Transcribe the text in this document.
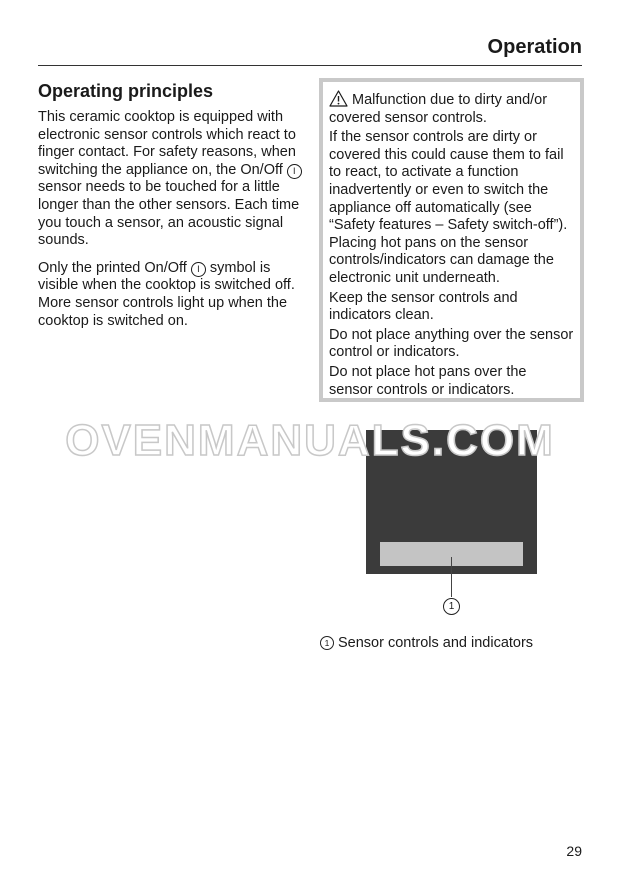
Operation
Operating principles

This ceramic cooktop is equipped with electronic sensor controls which react to finger contact. For safety reasons, when switching the appliance on, the On/Off I sensor needs to be touched for a little longer than the other sensors. Each time you touch a sensor, an acoustic signal sounds.

Only the printed On/Off I symbol is visible when the cooktop is switched off. More sensor controls light up when the cooktop is switched on.

Malfunction due to dirty and/or covered sensor controls.

If the sensor controls are dirty or covered this could cause them to fail to react, to activate a function inadvertently or even to switch the appliance off automatically (see “Safety features – Safety switch-off”). Placing hot pans on the sensor controls/indicators can damage the electronic unit underneath.

Keep the sensor controls and indicators clean.

Do not place anything over the sensor control or indicators.

Do not place hot pans over the sensor controls or indicators.

OVENMANUALS.COM
1
1 Sensor controls and indicators
29
